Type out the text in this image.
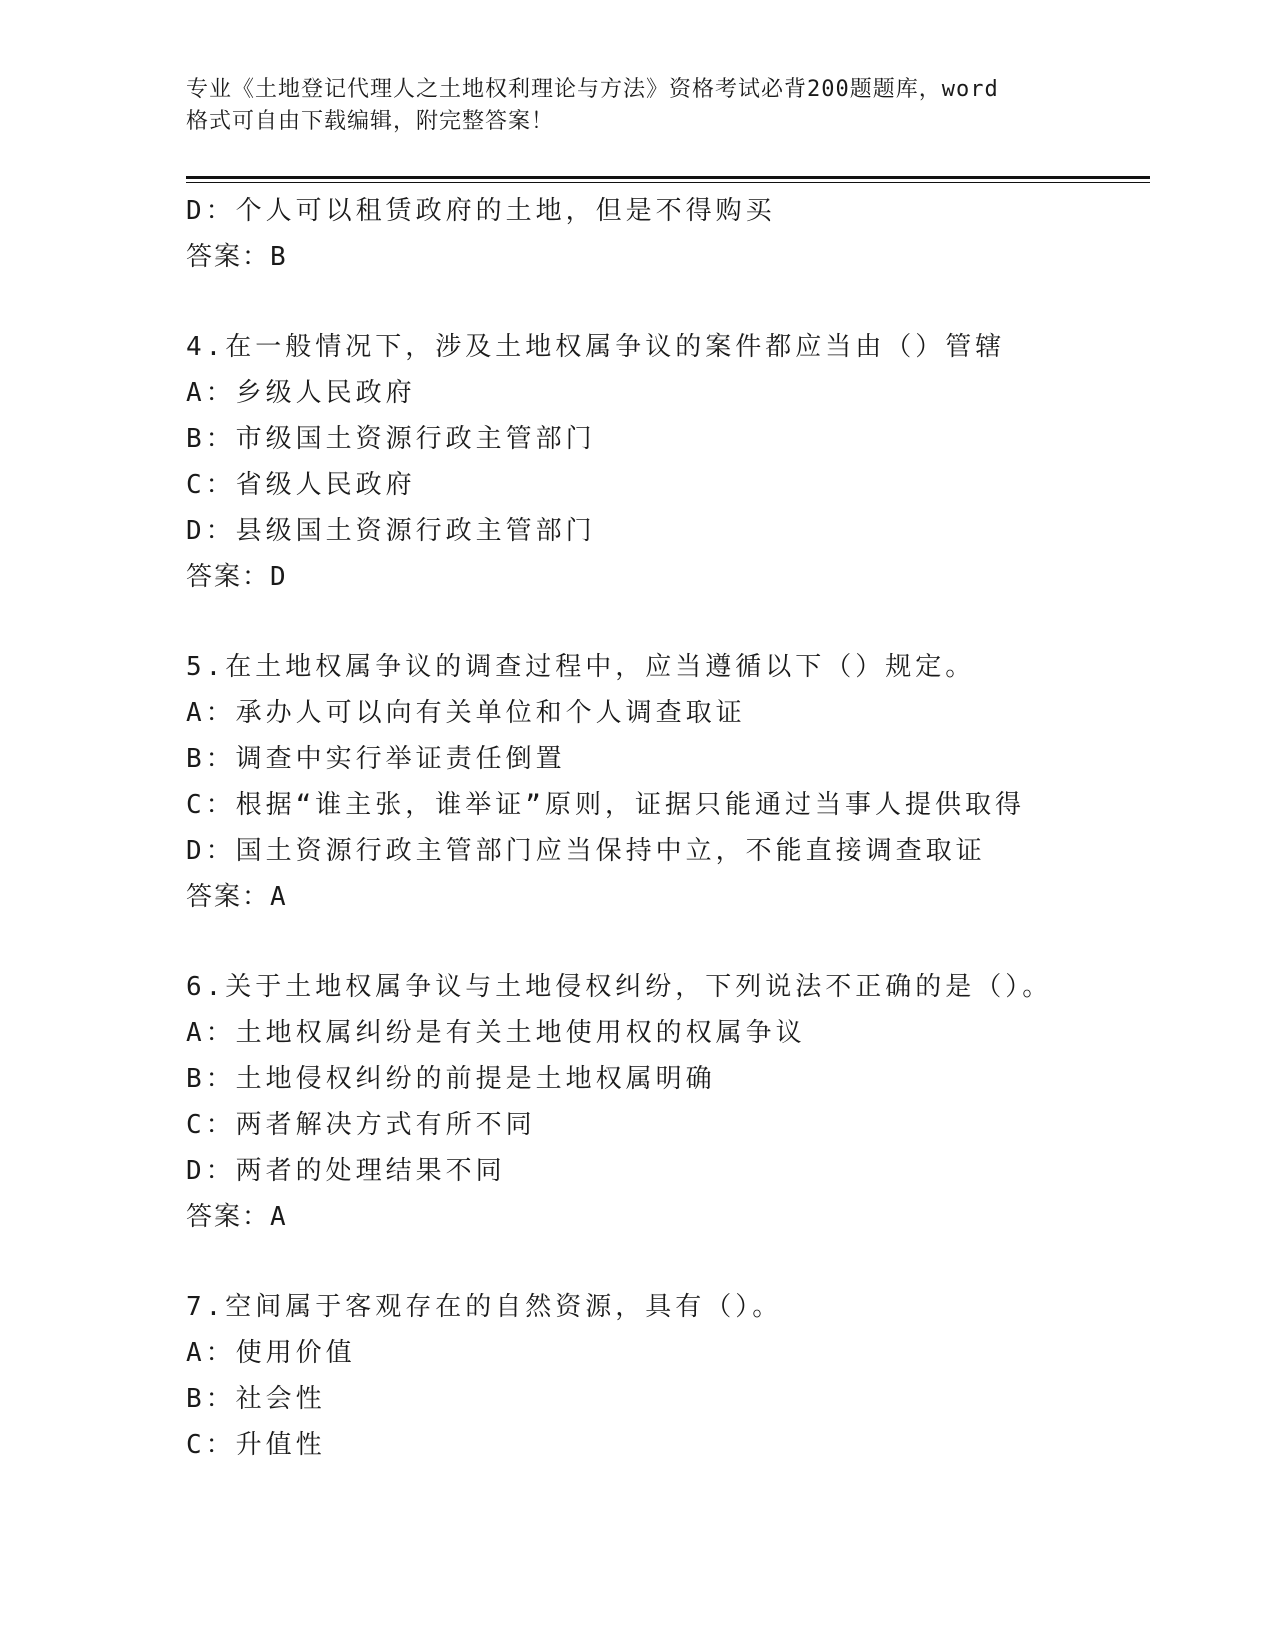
专业《土地登记代理人之土地权利理论与方法》资格考试必背200题题库，word
格式可自由下载编辑，附完整答案！
D：个人可以租赁政府的土地，但是不得购买
答案：B
4.在一般情况下，涉及土地权属争议的案件都应当由（）管辖
A：乡级人民政府
B：市级国土资源行政主管部门
C：省级人民政府
D：县级国土资源行政主管部门
答案：D
5.在土地权属争议的调查过程中，应当遵循以下（）规定。
A：承办人可以向有关单位和个人调查取证
B：调查中实行举证责任倒置
C：根据“谁主张，谁举证”原则，证据只能通过当事人提供取得
D：国土资源行政主管部门应当保持中立，不能直接调查取证
答案：A
6.关于土地权属争议与土地侵权纠纷，下列说法不正确的是（）。
A：土地权属纠纷是有关土地使用权的权属争议
B：土地侵权纠纷的前提是土地权属明确
C：两者解决方式有所不同
D：两者的处理结果不同
答案：A
7.空间属于客观存在的自然资源，具有（）。
A：使用价值
B：社会性
C：升值性
